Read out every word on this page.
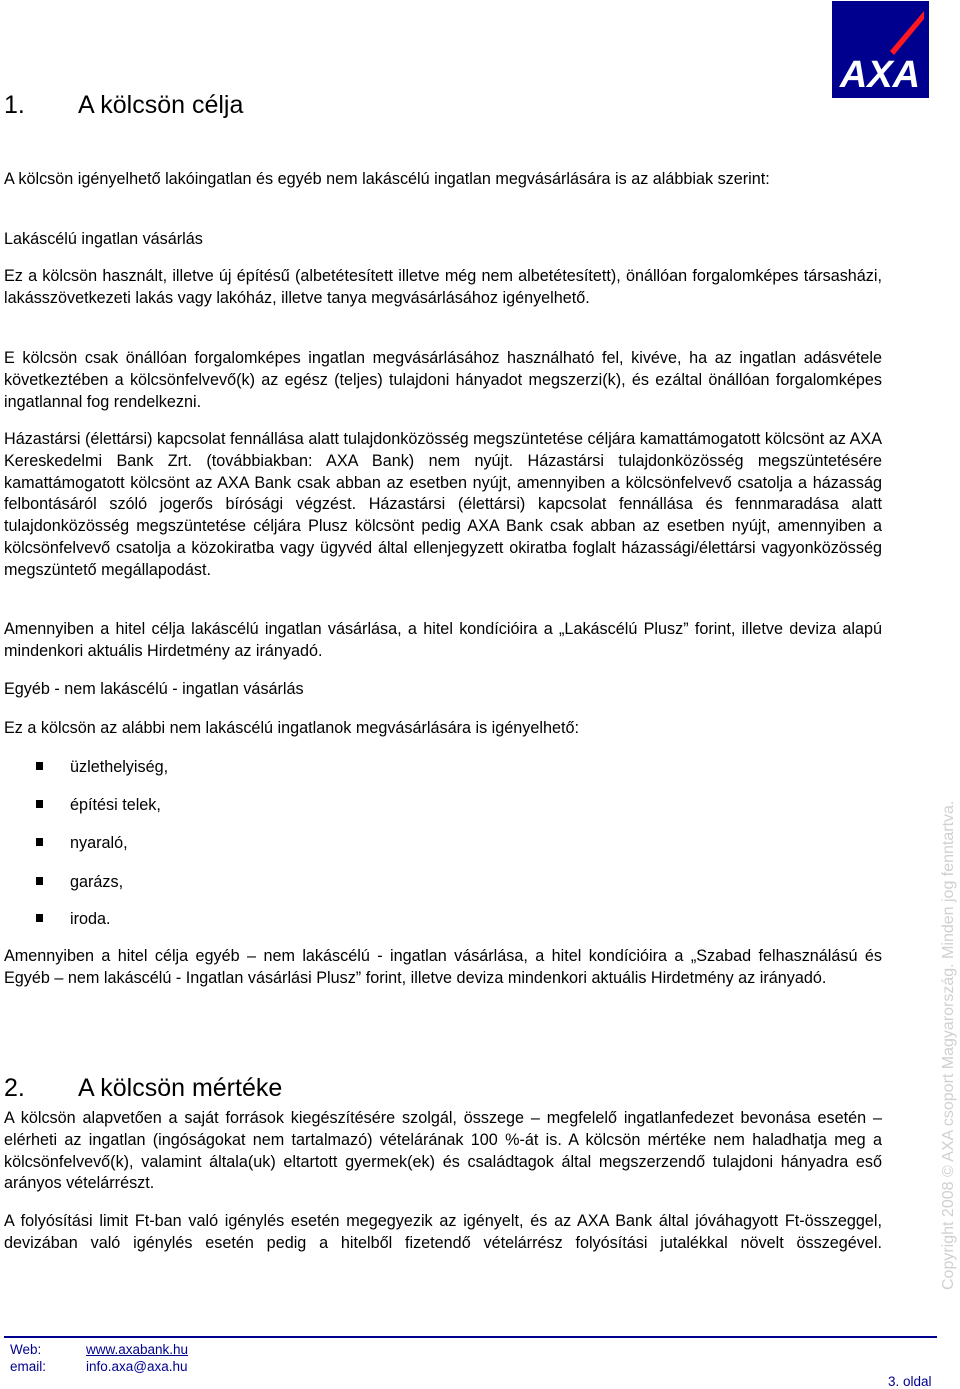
AXA
1. A kölcsön célja
A kölcsön igényelhető lakóingatlan és egyéb nem lakáscélú ingatlan megvásárlására is az alábbiak szerint:
Lakáscélú ingatlan vásárlás
Ez a kölcsön használt, illetve új építésű (albetétesített illetve még nem albetétesített), önállóan forgalomképes társasházi, lakásszövetkezeti lakás vagy lakóház, illetve tanya megvásárlásához igényelhető.
E kölcsön csak önállóan forgalomképes ingatlan megvásárlásához használható fel, kivéve, ha az ingatlan adásvétele következtében a kölcsönfelvevő(k) az egész (teljes) tulajdoni hányadot megszerzi(k), és ezáltal önállóan forgalomképes ingatlannal fog rendelkezni.
Házastársi (élettársi) kapcsolat fennállása alatt tulajdonközösség megszüntetése céljára kamattámogatott kölcsönt az AXA Kereskedelmi Bank Zrt. (továbbiakban: AXA Bank) nem nyújt. Házastársi tulajdonközösség megszüntetésére kamattámogatott kölcsönt az AXA Bank csak abban az esetben nyújt, amennyiben a kölcsönfelvevő csatolja a házasság felbontásáról szóló jogerős bírósági végzést. Házastársi (élettársi) kapcsolat fennállása és fennmaradása alatt tulajdonközösség megszüntetése céljára Plusz kölcsönt pedig AXA Bank csak abban az esetben nyújt, amennyiben a kölcsönfelvevő csatolja a közokiratba vagy ügyvéd által ellenjegyzett okiratba foglalt házassági/élettársi vagyonközösség megszüntető megállapodást.
Amennyiben a hitel célja lakáscélú ingatlan vásárlása, a hitel kondícióira a „Lakáscélú Plusz” forint, illetve deviza alapú mindenkori aktuális Hirdetmény az irányadó.
Egyéb - nem lakáscélú - ingatlan vásárlás
Ez a kölcsön az alábbi nem lakáscélú ingatlanok megvásárlására is igényelhető:
üzlethelyiség,
építési telek,
nyaraló,
garázs,
iroda.
Amennyiben a hitel célja egyéb – nem lakáscélú - ingatlan vásárlása, a hitel kondícióira a „Szabad felhasználású és Egyéb – nem lakáscélú - Ingatlan vásárlási Plusz” forint, illetve deviza mindenkori aktuális Hirdetmény az irányadó.
2. A kölcsön mértéke
A kölcsön alapvetően a saját források kiegészítésére szolgál, összege – megfelelő ingatlanfedezet bevonása esetén – elérheti az ingatlan (ingóságokat nem tartalmazó) vételárának 100 %-át is. A kölcsön mértéke nem haladhatja meg a kölcsönfelvevő(k), valamint általa(uk) eltartott gyermek(ek) és családtagok által megszerzendő tulajdoni hányadra eső arányos vételárrészt.
A folyósítási limit Ft-ban való igénylés esetén megegyezik az igényelt, és az AXA Bank által jóváhagyott Ft-összeggel, devizában való igénylés esetén pedig a hitelből fizetendő vételárrész folyósítási jutalékkal növelt összegével.	Copyright 2008 © AXA csoport Magyarország. Minden jog fenntartva.
Web:	www.axabank.hu
email:	info.axa@axa.hu
3. oldal
